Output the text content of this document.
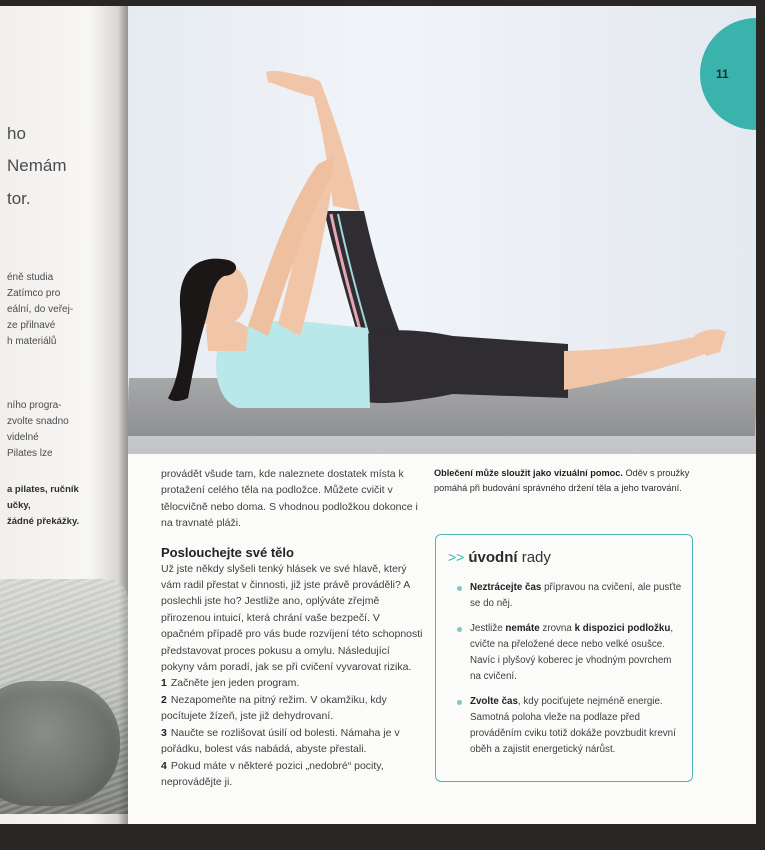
ho
Nemám
tor.
éně studia
Zatímco pro
eální, do veřej-
ze přilnavé
h materiálů
ního progra-
zvolte snadno
videlné
Pilates lze
a pilates, ručník
učky,
žádné překážky.
11

provádět všude tam, kde naleznete dostatek místa k protažení celého těla na podložce. Můžete cvičit v tělocvičně nebo doma. S vhodnou podložkou dokonce i na travnaté pláži.

Poslouchejte své tělo

Už jste někdy slyšeli tenký hlásek ve své hlavě, který vám radil přestat v činnosti, již jste právě prováděli? A poslechli jste ho? Jestliže ano, oplýváte zřejmě přirozenou intuicí, která chrání vaše bezpečí. V opačném případě pro vás bude rozvíjení této schopnosti představovat proces pokusu a omylu. Následující pokyny vám poradí, jak se při cvičení vyvarovat rizika.

1 Začněte jen jeden program.
2 Nezapomeňte na pitný režim. V okamžiku, kdy pocítujete žízeň, jste již dehydrovaní.
3 Naučte se rozlišovat úsilí od bolesti. Námaha je v pořádku, bolest vás nabádá, abyste přestali.
4 Pokud máte v některé pozici „nedobré“ pocity, neprovádějte ji.
Oblečení může sloužit jako vizuální pomoc. Oděv s proužky pomáhá při budování správného držení těla a jeho tvarování.
>> úvodní rady
Neztrácejte čas přípravou na cvičení, ale pusťte se do něj.
Jestliže nemáte zrovna k dispozici podložku, cvičte na přeložené dece nebo velké osušce. Navíc i plyšový koberec je vhodným povrchem na cvičení.
Zvolte čas, kdy pociťujete nejméně energie. Samotná poloha vleže na podlaze před prováděním cviku totiž dokáže povzbudit krevní oběh a zajistit energetický nárůst.
